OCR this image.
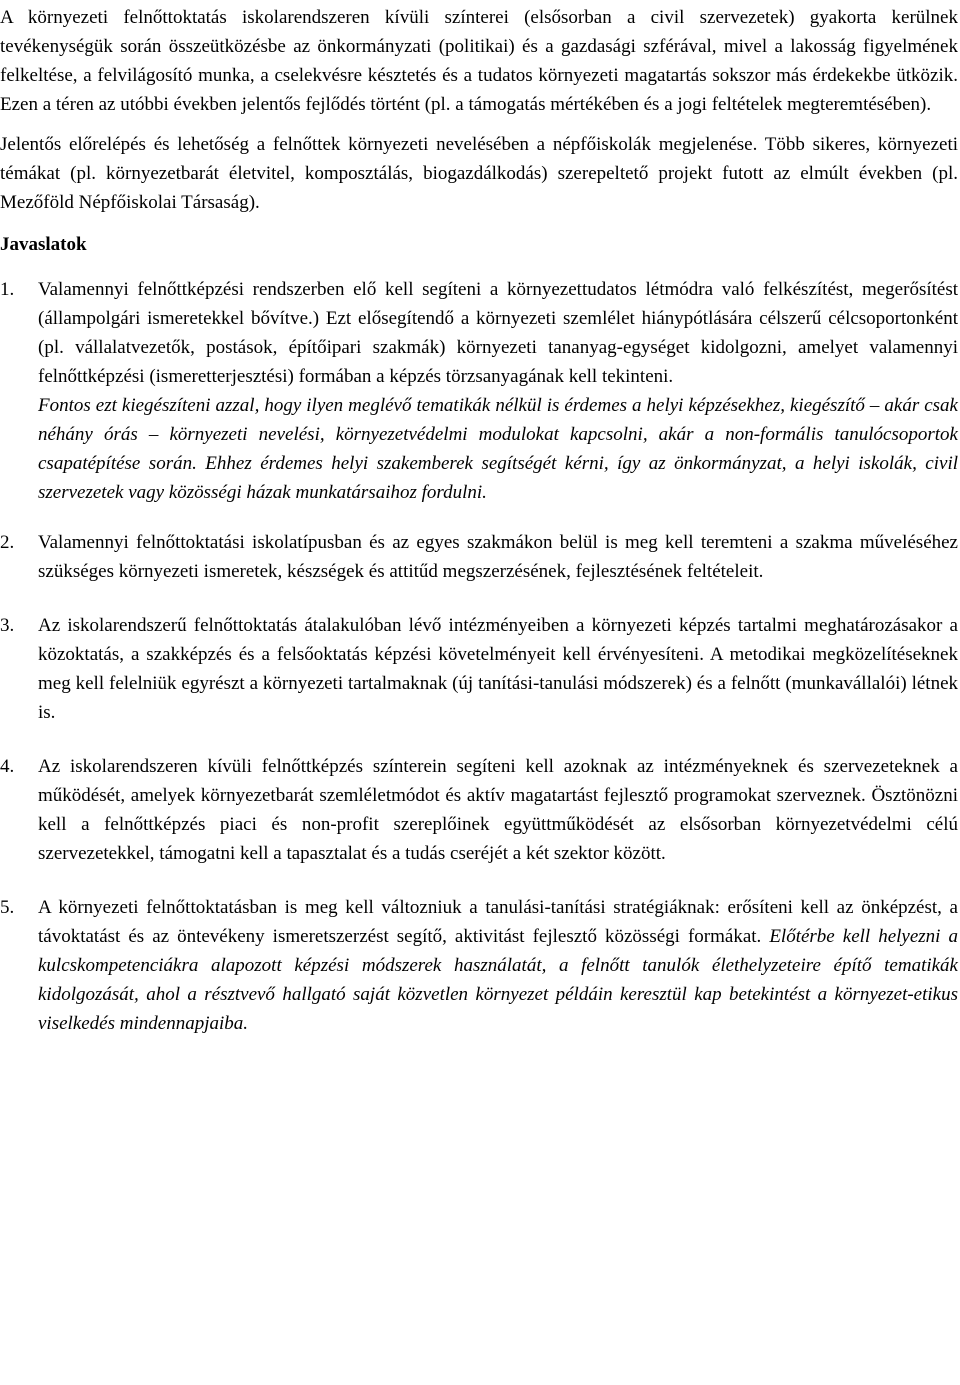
A környezeti felnőttoktatás iskolarendszeren kívüli színterei (elsősorban a civil szervezetek) gyakorta kerülnek tevékenységük során összeütközésbe az önkormányzati (politikai) és a gazdasági szférával, mivel a lakosság figyelmének felkeltése, a felvilágosító munka, a cselekvésre késztetés és a tudatos környezeti magatartás sokszor más érdekekbe ütközik. Ezen a téren az utóbbi években jelentős fejlődés történt (pl. a támogatás mértékében és a jogi feltételek megteremtésében).

Jelentős előrelépés és lehetőség a felnőttek környezeti nevelésében a népfőiskolák megjelenése. Több sikeres, környezeti témákat (pl. környezetbarát életvitel, komposztálás, biogazdálkodás) szerepeltető projekt futott az elmúlt években (pl. Mezőföld Népfőiskolai Társaság).

Javaslatok

1.	Valamennyi felnőttképzési rendszerben elő kell segíteni a környezettudatos létmódra való felkészítést, megerősítést (állampolgári ismeretekkel bővítve.) Ezt elősegítendő a környezeti szemlélet hiánypótlására célszerű célcsoportonként (pl. vállalatvezetők, postások, építőipari szakmák) környezeti tananyag-egységet kidolgozni, amelyet valamennyi felnőttképzési (ismeretterjesztési) formában a képzés törzsanyagának kell tekinteni.

Fontos ezt kiegészíteni azzal, hogy ilyen meglévő tematikák nélkül is érdemes a helyi képzésekhez, kiegészítő – akár csak néhány órás – környezeti nevelési, környezetvédelmi modulokat kapcsolni, akár a non-formális tanulócsoportok csapatépítése során. Ehhez érdemes helyi szakemberek segítségét kérni, így az önkormányzat, a helyi iskolák, civil szervezetek vagy közösségi házak munkatársaihoz fordulni.

2.	Valamennyi felnőttoktatási iskolatípusban és az egyes szakmákon belül is meg kell teremteni a szakma műveléséhez szükséges környezeti ismeretek, készségek és attitűd megszerzésének, fejlesztésének feltételeit.

3.	Az iskolarendszerű felnőttoktatás átalakulóban lévő intézményeiben a környezeti képzés tartalmi meghatározásakor a közoktatás, a szakképzés és a felsőoktatás képzési követelményeit kell érvényesíteni. A metodikai megközelítéseknek meg kell felelniük egyrészt a környezeti tartalmaknak (új tanítási-tanulási módszerek) és a felnőtt (munkavállalói) létnek is.

4.	Az iskolarendszeren kívüli felnőttképzés színterein segíteni kell azoknak az intézményeknek és szervezeteknek a működését, amelyek környezetbarát szemléletmódot és aktív magatartást fejlesztő programokat szerveznek. Ösztönözni kell a felnőttképzés piaci és non-profit szereplőinek együttműködését az elsősorban környezetvédelmi célú szervezetekkel, támogatni kell a tapasztalat és a tudás cseréjét a két szektor között.

5.	A környezeti felnőttoktatásban is meg kell változniuk a tanulási-tanítási stratégiáknak: erősíteni kell az önképzést, a távoktatást és az öntevékeny ismeretszerzést segítő, aktivitást fejlesztő közösségi formákat. Előtérbe kell helyezni a kulcskompetenciákra alapozott képzési módszerek használatát, a felnőtt tanulók élethelyzeteire építő tematikák kidolgozását, ahol a résztvevő hallgató saját közvetlen környezet példáin keresztül kap betekintést a környezet-etikus viselkedés mindennapjaiba.
